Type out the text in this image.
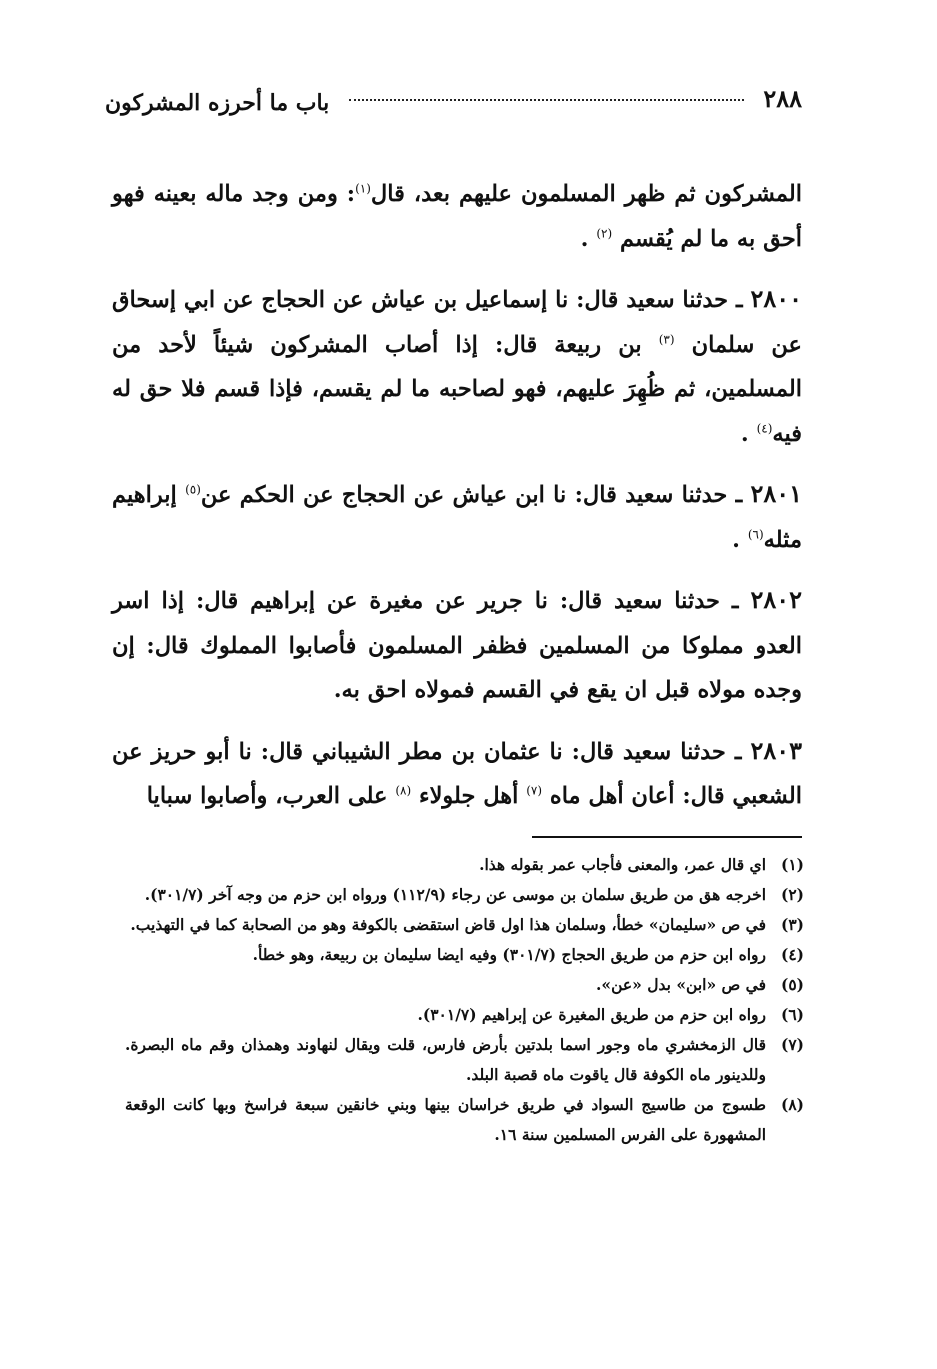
٢٨٨
باب ما أحرزه المشركون

المشركون ثم ظهر المسلمون عليهم بعد، قال$^{(١)}$: ومن وجد ماله بعينه فهو أحق به ما لم يُقسم $^{(٢)}$ .

٢٨٠٠ ـ حدثنا سعيد قال: نا إسماعيل بن عياش عن الحجاج عن ابي إسحاق عن سلمان $^{(٣)}$ بن ربيعة قال: إذا أصاب المشركون شيئاً لأحد من المسلمين، ثم ظُهِرَ عليهم، فهو لصاحبه ما لم يقسم، فإذا قسم فلا حق له فيه$^{(٤)}$ .

٢٨٠١ ـ حدثنا سعيد قال: نا ابن عياش عن الحجاج عن الحكم عن$^{(٥)}$ إبراهيم مثله$^{(٦)}$ .

٢٨٠٢ ـ حدثنا سعيد قال: نا جرير عن مغيرة عن إبراهيم قال: إذا اسر العدو مملوكا من المسلمين فظفر المسلمون فأصابوا المملوك قال: إن وجده مولاه قبل ان يقع في القسم فمولاه احق به.

٢٨٠٣ ـ حدثنا سعيد قال: نا عثمان بن مطر الشيباني قال: نا أبو حريز عن الشعبي قال: أعان أهل ماه $^{(٧)}$ أهل جلولاء $^{(٨)}$ على العرب، وأصابوا سبايا

(١)
اي قال عمر، والمعنى فأجاب عمر بقوله هذا.
(٢)
اخرجه هق من طريق سلمان بن موسى عن رجاء (١١٢/٩) ورواه ابن حزم من وجه آخر (٣٠١/٧).
(٣)
في ص «سليمان» خطأ، وسلمان هذا اول قاض استقضى بالكوفة وهو من الصحابة كما في التهذيب.
(٤)
رواه ابن حزم من طريق الحجاج (٣٠١/٧) وفيه ايضا سليمان بن ربيعة، وهو خطأ.
(٥)
في ص «ابن» بدل «عن».
(٦)
رواه ابن حزم من طريق المغيرة عن إبراهيم (٣٠١/٧).
(٧)
قال الزمخشري ماه وجور اسما بلدتين بأرض فارس، قلت ويقال لنهاوند وهمذان وقم ماه البصرة. وللدينور ماه الكوفة قال ياقوت ماه قصبة البلد.
(٨)
طسوج من طاسيج السواد في طريق خراسان بينها وبني خانقين سبعة فراسخ وبها كانت الوقعة المشهورة على الفرس المسلمين سنة ١٦.
